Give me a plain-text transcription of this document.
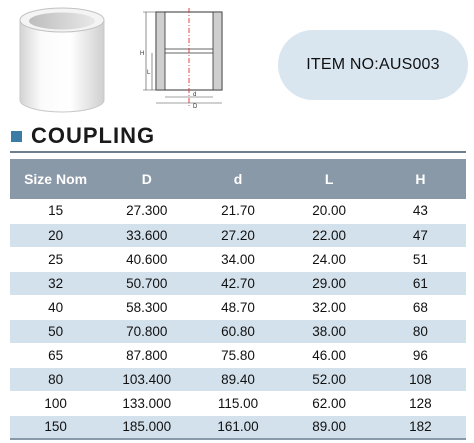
H
L
d
D
ITEM NO:AUS003
COUPLING
Size Nom	D	d	L	H
15	27.300	21.70	20.00	43
20	33.600	27.20	22.00	47
25	40.600	34.00	24.00	51
32	50.700	42.70	29.00	61
40	58.300	48.70	32.00	68
50	70.800	60.80	38.00	80
65	87.800	75.80	46.00	96
80	103.400	89.40	52.00	108
100	133.000	115.00	62.00	128
150	185.000	161.00	89.00	182
